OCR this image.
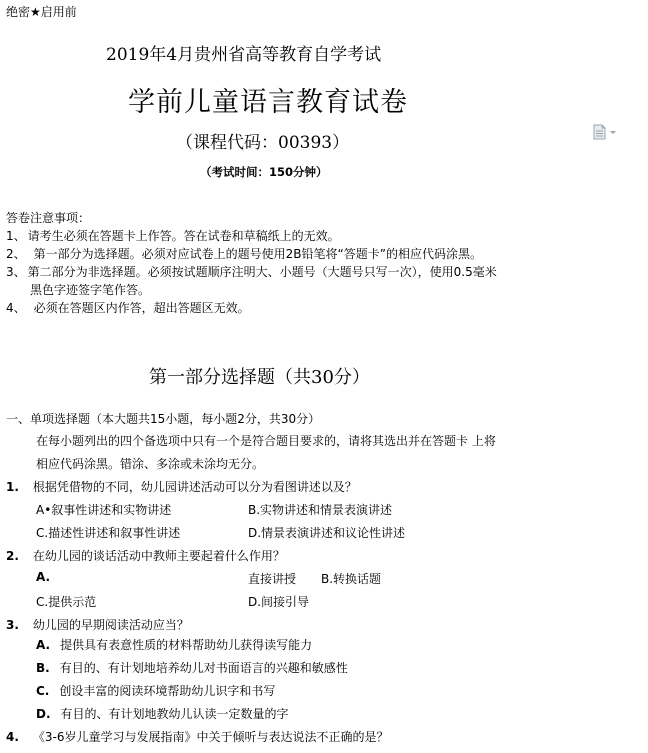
绝密★启用前
2019年4月贵州省高等教育自学考试
学前儿童语言教育试卷
（课程代码：00393）
（考试时间：150分钟）
答卷注意事项：
1、 请考生必须在答题卡上作答。答在试卷和草稿纸上的无效。
2、 第一部分为选择题。必须对应试卷上的题号使用2B铅笔将“答题卡”的相应代码涂黑。
3、 第二部分为非选择题。必须按试题顺序注明大、小题号（大题号只写一次），使用0.5毫米
黑色字迹签字笔作答。
4、 必须在答题区内作答，超出答题区无效。
第一部分选择题（共30分）
一、单项选择题（本大题共15小题，每小题2分，共30分）
在每小题列出的四个备选项中只有一个是符合题目要求的，请将其选出并在答题卡 上将
相应代码涂黑。错涂、多涂或未涂均无分。
1. 根据凭借物的不同，幼儿园讲述活动可以分为看图讲述以及？
A•叙事性讲述和实物讲述	B.实物讲述和情景表演讲述
C.描述性讲述和叙事性讲述	D.情景表演讲述和议论性讲述
2. 在幼儿园的谈话活动中教师主要起着什么作用？
A.	直接讲授 B.转换话题
C.提供示范	D.间接引导
3. 幼儿园的早期阅读活动应当？
A. 提供具有表意性质的材料帮助幼儿获得读写能力
B. 有目的、有计划地培养幼儿对书面语言的兴趣和敏感性
C. 创设丰富的阅读环境帮助幼儿识字和书写
D. 有目的、有计划地教幼儿认读一定数量的字
4. 《3-6岁儿童学习与发展指南》中关于倾听与表达说法不正确的是？
